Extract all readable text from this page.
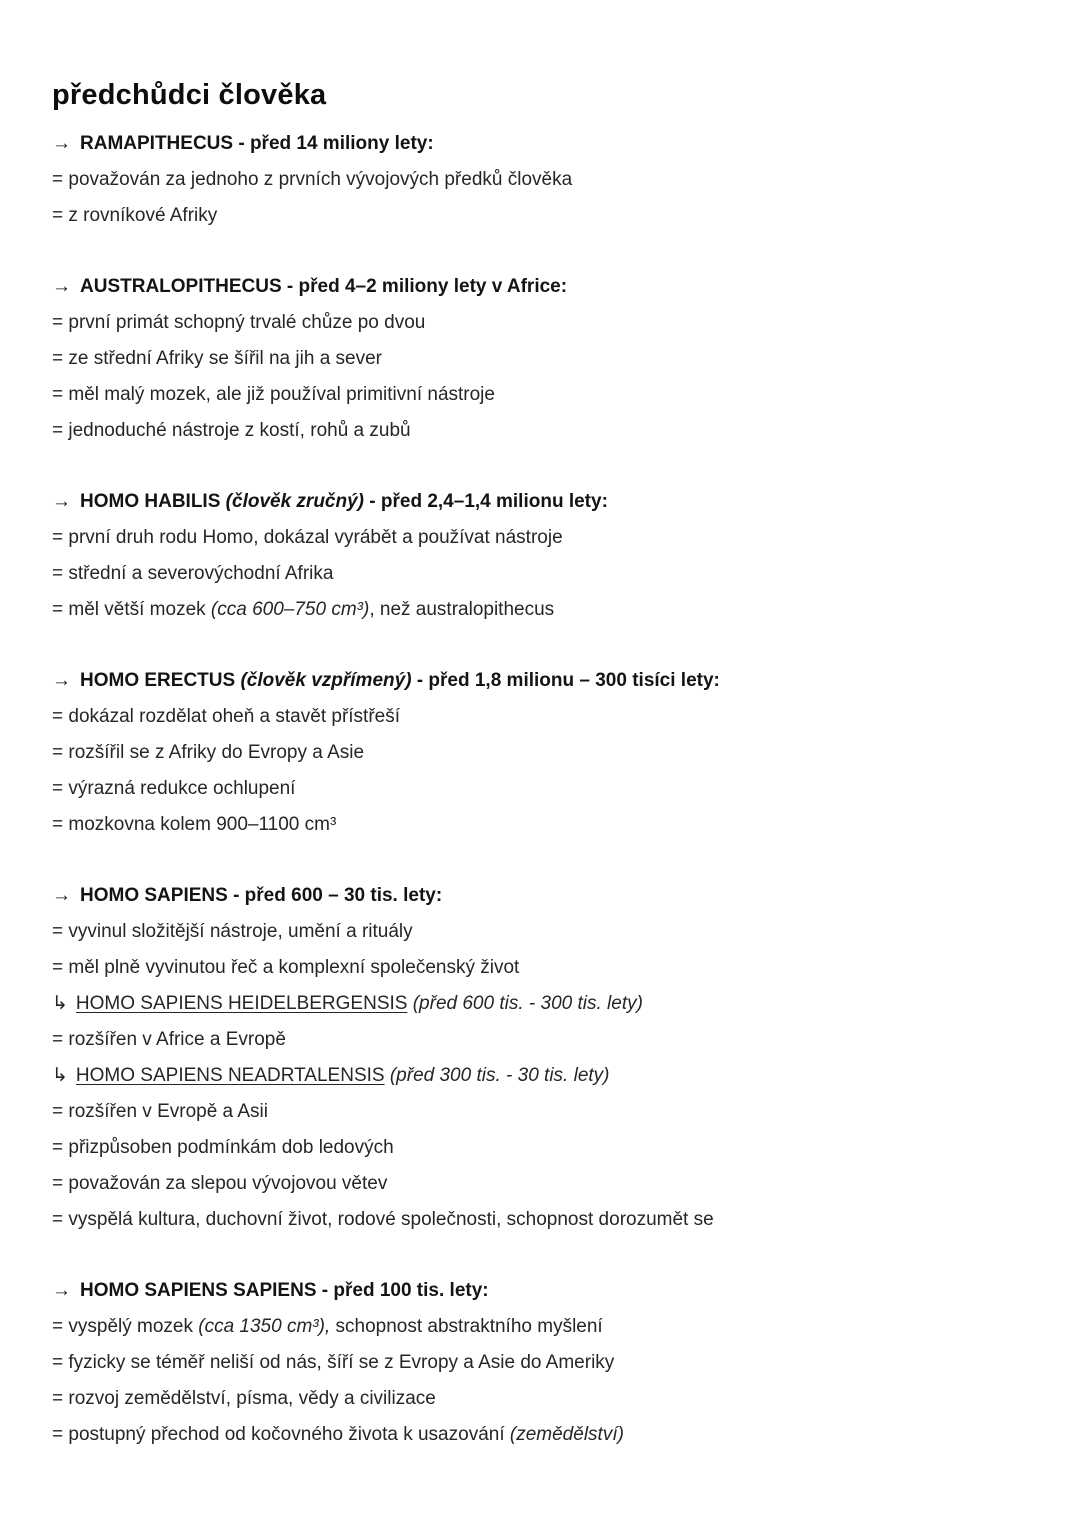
předchůdci člověka
→ RAMAPITHECUS - před 14 miliony lety:
= považován za jednoho z prvních vývojových předků člověka
= z rovníkové Afriky
→ AUSTRALOPITHECUS - před 4–2 miliony lety v Africe:
= první primát schopný trvalé chůze po dvou
= ze střední Afriky se šířil na jih a sever
= měl malý mozek, ale již používal primitivní nástroje
= jednoduché nástroje z kostí, rohů a zubů
→ HOMO HABILIS (člověk zručný) - před 2,4–1,4 milionu lety:
= první druh rodu Homo, dokázal vyrábět a používat nástroje
= střední a severovýchodní Afrika
= měl větší mozek (cca 600–750 cm³), než australopithecus
→ HOMO ERECTUS (člověk vzpřímený) - před 1,8 milionu – 300 tisíci lety:
= dokázal rozdělat oheň a stavět přístřeší
= rozšířil se z Afriky do Evropy a Asie
= výrazná redukce ochlupení
= mozkovna kolem 900–1100 cm³
→ HOMO SAPIENS - před 600 – 30 tis. lety:
= vyvinul složitější nástroje, umění a rituály
= měl plně vyvinutou řeč a komplexní společenský život
↳ HOMO SAPIENS HEIDELBERGENSIS (před 600 tis. - 300 tis. lety)
= rozšířen v Africe a Evropě
↳ HOMO SAPIENS NEADRTALENSIS (před 300 tis. - 30 tis. lety)
= rozšířen v Evropě a Asii
= přizpůsoben podmínkám dob ledových
= považován za slepou vývojovou větev
= vyspělá kultura, duchovní život, rodové společnosti, schopnost dorozumět se
→ HOMO SAPIENS SAPIENS - před 100 tis. lety:
= vyspělý mozek (cca 1350 cm³), schopnost abstraktního myšlení
= fyzicky se téměř neliší od nás, šíří se z Evropy a Asie do Ameriky
= rozvoj zemědělství, písma, vědy a civilizace
= postupný přechod od kočovného života k usazování (zemědělství)
